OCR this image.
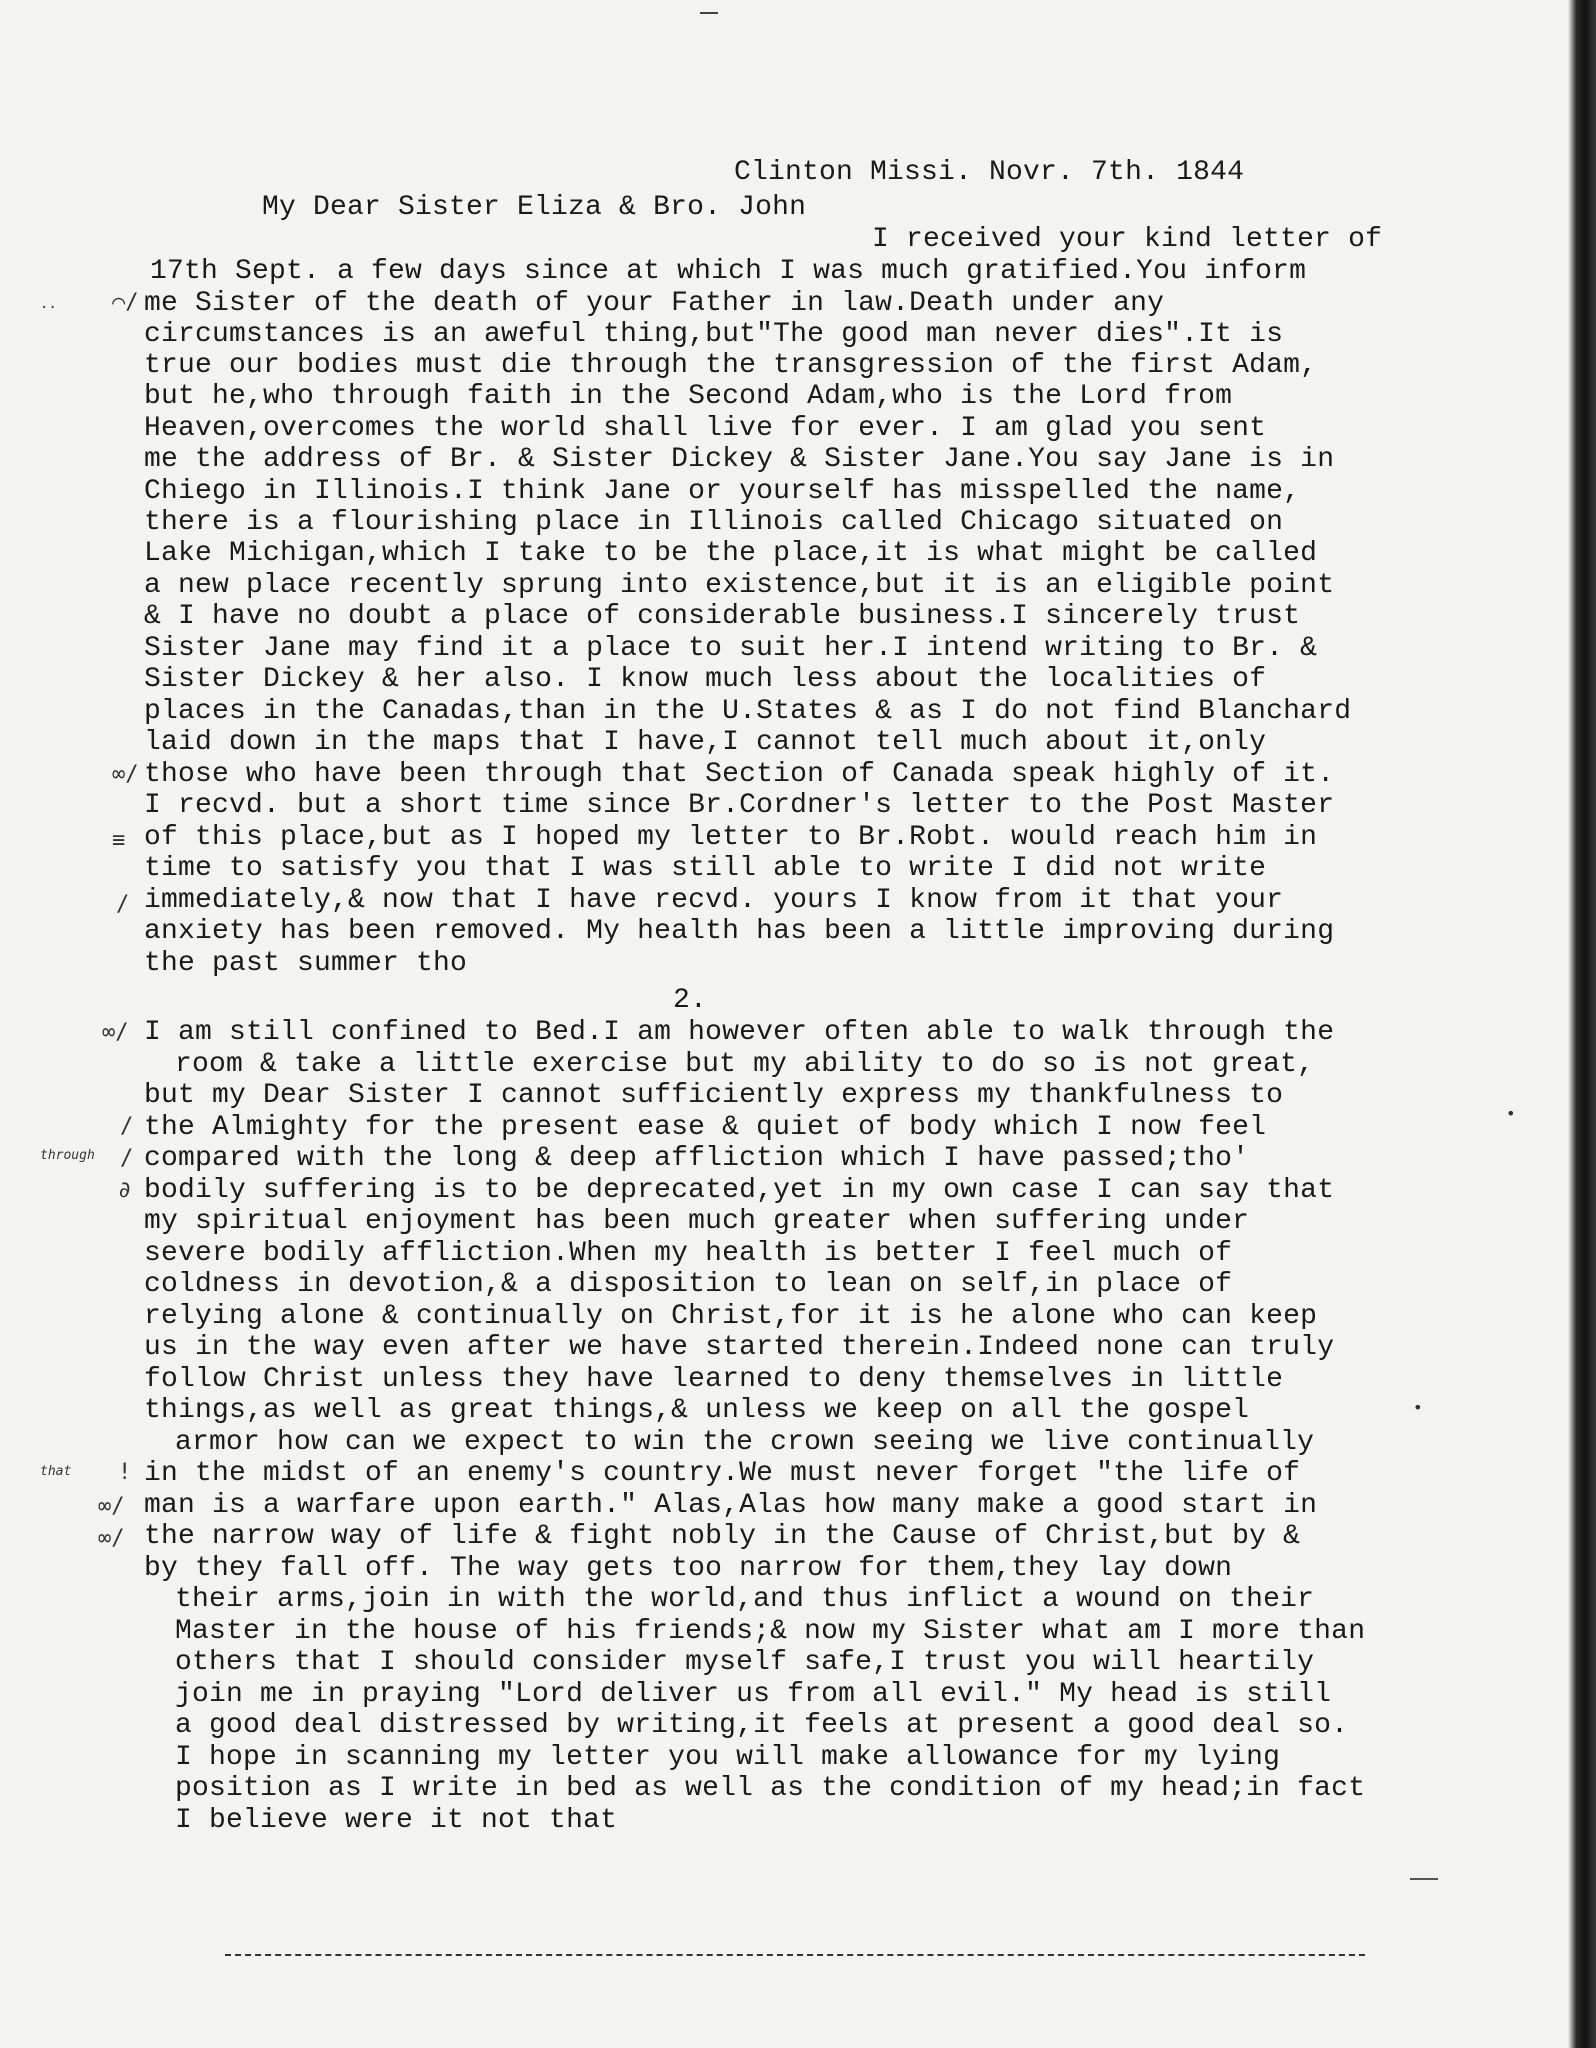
Clinton Missi. Novr. 7th. 1844
My Dear Sister Eliza & Bro. John
I received your kind letter of
17th Sept. a few days since at which I was much gratified.You inform
me Sister of the death of your Father in law.Death under any
circumstances is an aweful thing,but"The good man never dies".It is
true our bodies must die through the transgression of the first Adam,
but he,who through faith in the Second Adam,who is the Lord from
Heaven,overcomes the world shall live for ever. I am glad you sent
me the address of Br. & Sister Dickey & Sister Jane.You say Jane is in
Chiego in Illinois.I think Jane or yourself has misspelled the name,
there is a flourishing place in Illinois called Chicago situated on
Lake Michigan,which I take to be the place,it is what might be called
a new place recently sprung into existence,but it is an eligible point
& I have no doubt a place of considerable business.I sincerely trust
Sister Jane may find it a place to suit her.I intend writing to Br. &
Sister Dickey & her also. I know much less about the localities of
places in the Canadas,than in the U.States & as I do not find Blanchard
laid down in the maps that I have,I cannot tell much about it,only
those who have been through that Section of Canada speak highly of it.
I recvd. but a short time since Br.Cordner's letter to the Post Master
of this place,but as I hoped my letter to Br.Robt. would reach him in
time to satisfy you that I was still able to write I did not write
immediately,& now that I have recvd. yours I know from it that your
anxiety has been removed. My health has been a little improving during
the past summer tho
2.
I am still confined to Bed.I am however often able to walk through the
room & take a little exercise but my ability to do so is not great,
but my Dear Sister I cannot sufficiently express my thankfulness to
the Almighty for the present ease & quiet of body which I now feel
compared with the long & deep affliction which I have passed;tho'
bodily suffering is to be deprecated,yet in my own case I can say that
my spiritual enjoyment has been much greater when suffering under
severe bodily affliction.When my health is better I feel much of
coldness in devotion,& a disposition to lean on self,in place of
relying alone & continually on Christ,for it is he alone who can keep
us in the way even after we have started therein.Indeed none can truly
follow Christ unless they have learned to deny themselves in little
things,as well as great things,& unless we keep on all the gospel
armor how can we expect to win the crown seeing we live continually
in the midst of an enemy's country.We must never forget "the life of
man is a warfare upon earth." Alas,Alas how many make a good start in
the narrow way of life & fight nobly in the Cause of Christ,but by &
by they fall off. The way gets too narrow for them,they lay down
their arms,join in with the world,and thus inflict a wound on their
Master in the house of his friends;& now my Sister what am I more than
others that I should consider myself safe,I trust you will heartily
join me in praying "Lord deliver us from all evil." My head is still
a good deal distressed by writing,it feels at present a good deal so.
I hope in scanning my letter you will make allowance for my lying
position as I write in bed as well as the condition of my head;in fact
I believe were it not that
⌒/
··
∞/
≡
/
∞/
/
through /
∂
that !
∞/
∞/
•
•
